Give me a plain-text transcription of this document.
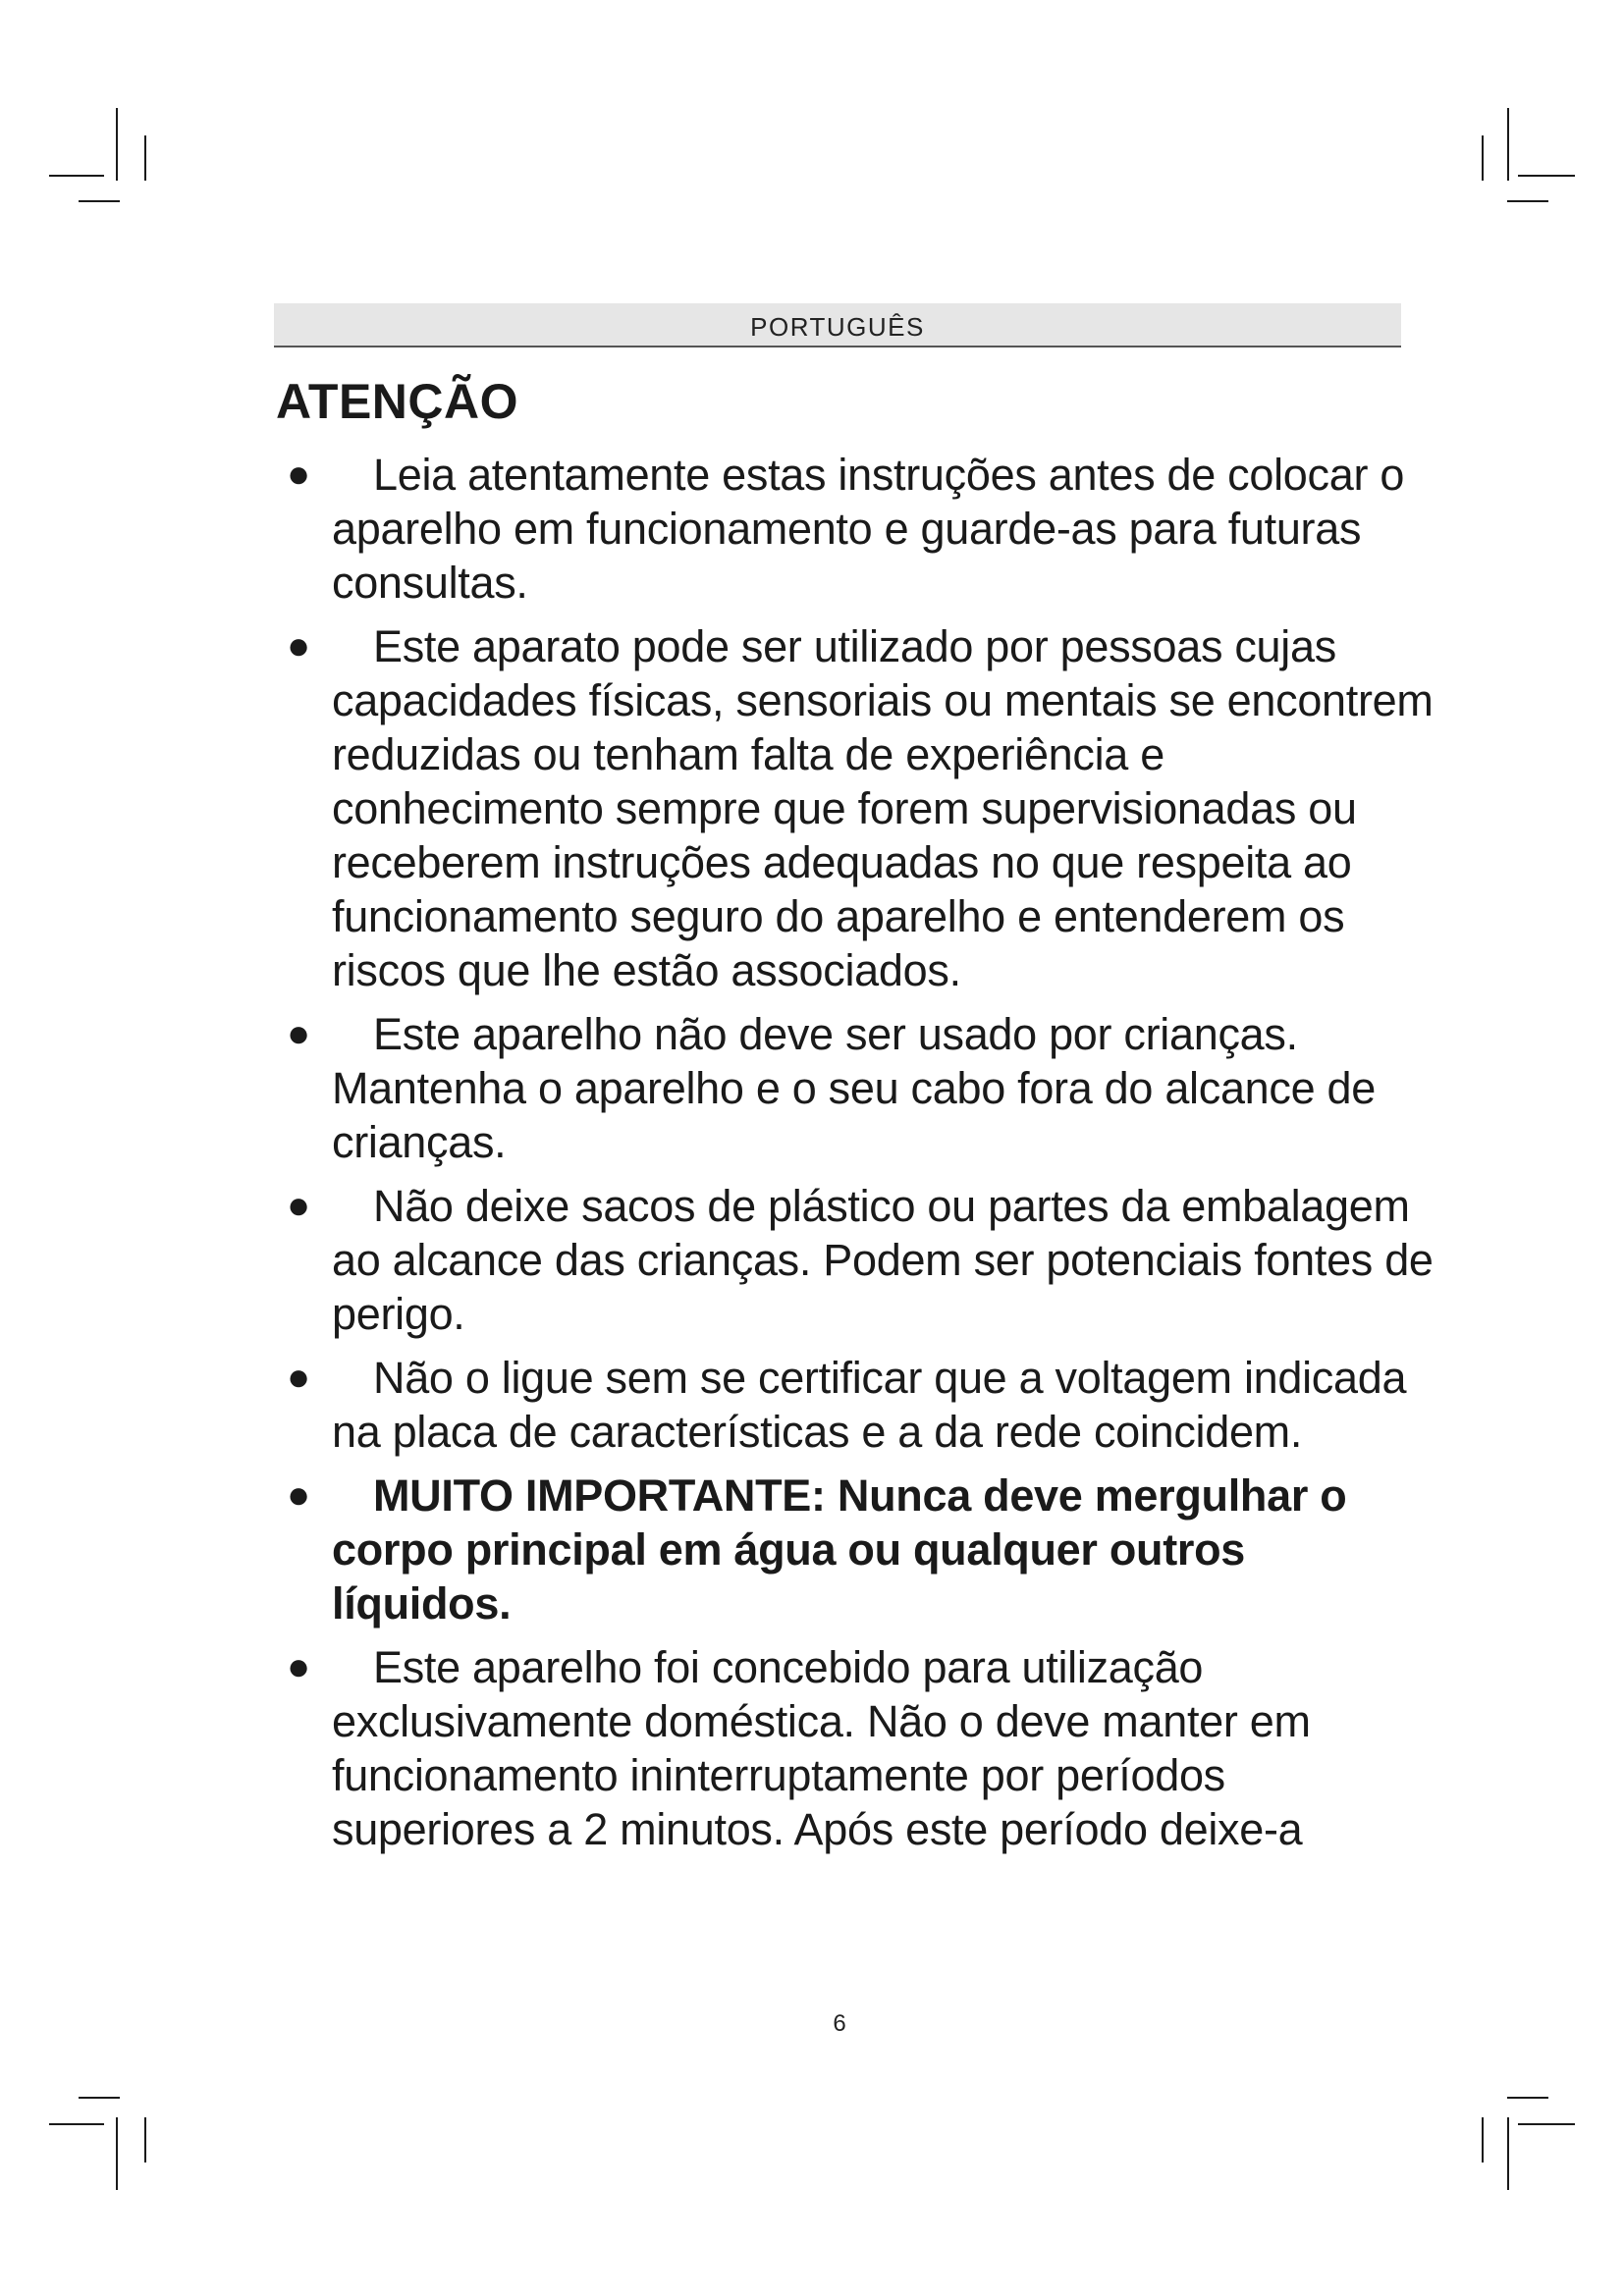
PORTUGUÊS
ATENÇÃO
●	Leia atentamente estas instruções antes de colocar o aparelho em funcionamento e guarde-as para futuras consultas.
●	Este aparato pode ser utilizado por pessoas cujas capacidades físicas, sensoriais ou mentais se encontrem reduzidas ou tenham falta de experiência e conhecimento sempre que forem supervisionadas ou receberem instruções adequadas no que respeita ao funcionamento seguro do aparelho e entenderem os riscos que lhe estão associados.
●	Este aparelho não deve ser usado por crianças. Mantenha o aparelho e o seu cabo fora do alcance de crianças.
●	Não deixe sacos de plástico ou partes da embalagem ao alcance das crianças. Podem ser potenciais fontes de perigo.
●	Não o ligue sem se certificar que a voltagem indicada na placa de características e a da rede coincidem.
●	MUITO IMPORTANTE: Nunca deve mergulhar o corpo principal em água ou qualquer outros líquidos.
●	Este aparelho foi concebido para utilização exclusivamente doméstica. Não o deve manter em funcionamento ininterruptamente por períodos superiores a 2 minutos. Após este período deixe-a
6
